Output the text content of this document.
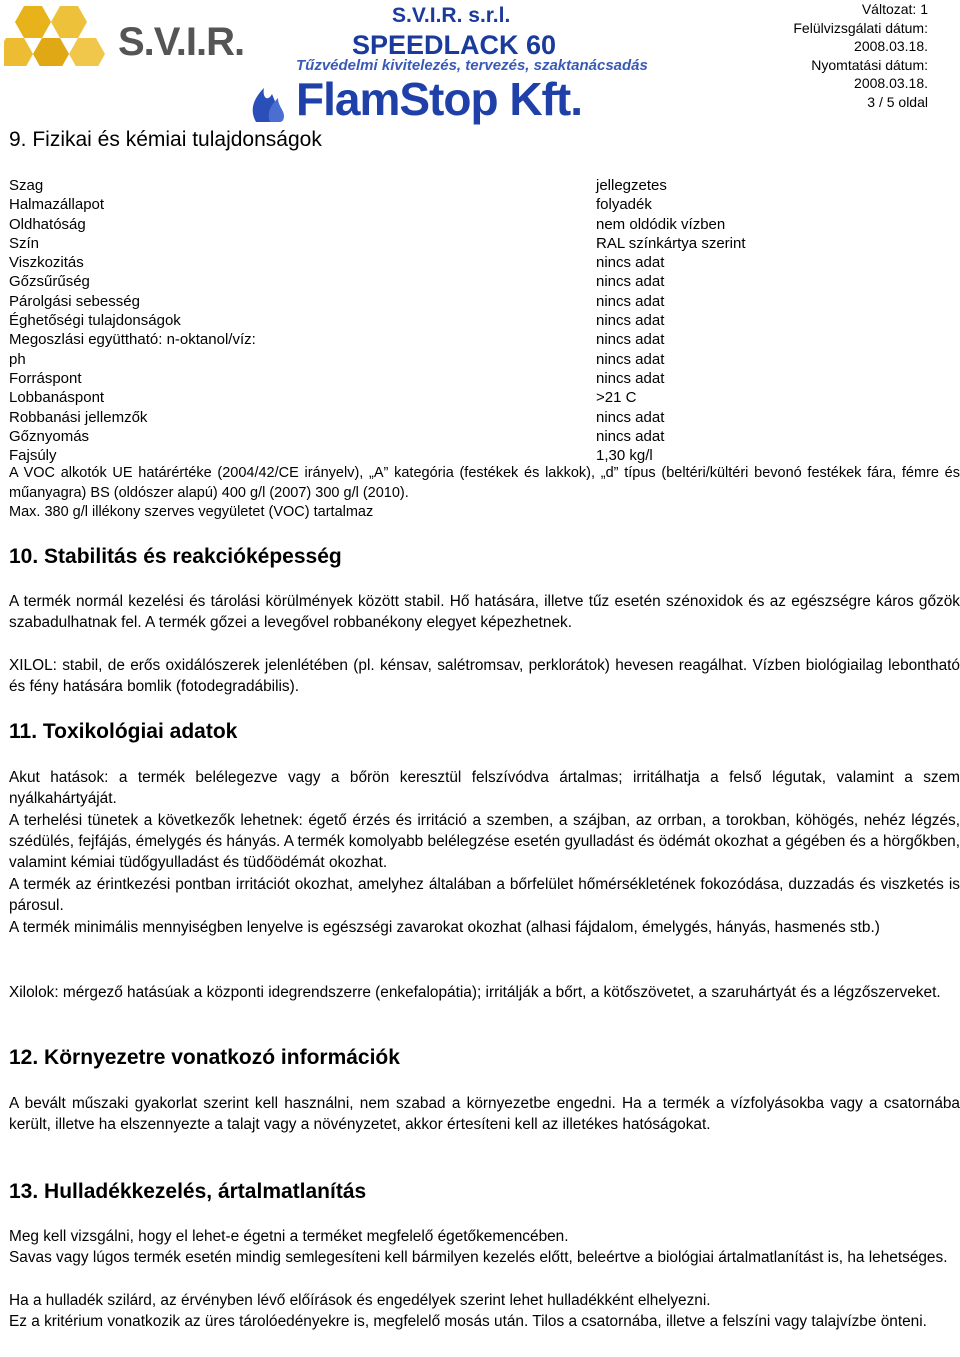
S.V.I.R.
S.V.I.R. s.r.l.
SPEEDLACK 60
Tűzvédelmi kivitelezés, tervezés, szaktanácsadás
FlamStop Kft.
Változat: 1
Felülvizsgálati dátum:
2008.03.18.
Nyomtatási dátum:
2008.03.18.
3 / 5 oldal
9. Fizikai és kémiai tulajdonságok
Szag	jellegzetes
Halmazállapot	folyadék
Oldhatóság	nem oldódik vízben
Szín	RAL színkártya szerint
Viszkozitás	nincs adat
Gőzsűrűség	nincs adat
Párolgási sebesség	nincs adat
Éghetőségi tulajdonságok	nincs adat
Megoszlási együttható: n-oktanol/víz:	nincs adat
ph	nincs adat
Forráspont	nincs adat
Lobbanáspont	>21 C
Robbanási jellemzők	nincs adat
Gőznyomás	nincs adat
Fajsúly	1,30 kg/l

A VOC alkotók UE határértéke (2004/42/CE irányelv), „A” kategória (festékek és lakkok), „d” típus (beltéri/kültéri bevonó festékek fára, fémre és műanyagra) BS (oldószer alapú) 400 g/l (2007) 300 g/l (2010).

Max. 380 g/l illékony szerves vegyületet (VOC) tartalmaz

10. Stabilitás és reakcióképesség

A termék normál kezelési és tárolási körülmények között stabil. Hő hatására, illetve tűz esetén szénoxidok és az egészségre káros gőzök szabadulhatnak fel. A termék gőzei a levegővel robbanékony elegyet képezhetnek.

XILOL: stabil, de erős oxidálószerek jelenlétében (pl. kénsav, salétromsav, perklorátok) hevesen reagálhat. Vízben biológiailag lebontható és fény hatására bomlik (fotodegradábilis).

11. Toxikológiai adatok

Akut hatások: a termék belélegezve vagy a bőrön keresztül felszívódva ártalmas; irritálhatja a felső légutak, valamint a szem nyálkahártyáját.

A terhelési tünetek a következők lehetnek: égető érzés és irritáció a szemben, a szájban, az orrban, a torokban, köhögés, nehéz légzés, szédülés, fejfájás, émelygés és hányás. A termék komolyabb belélegzése esetén gyulladást és ödémát okozhat a gégében és a hörgőkben, valamint kémiai tüdőgyulladást és tüdőödémát okozhat.

A termék az érintkezési pontban irritációt okozhat, amelyhez általában a bőrfelület hőmérsékletének fokozódása, duzzadás és viszketés is párosul.

A termék minimális mennyiségben lenyelve is egészségi zavarokat okozhat (alhasi fájdalom, émelygés, hányás, hasmenés stb.)

Xilolok: mérgező hatásúak a központi idegrendszerre (enkefalopátia); irritálják a bőrt, a kötőszövetet, a szaruhártyát és a légzőszerveket.

12. Környezetre vonatkozó információk

A bevált műszaki gyakorlat szerint kell használni, nem szabad a környezetbe engedni. Ha a termék a vízfolyásokba vagy a csatornába került, illetve ha elszennyezte a talajt vagy a növényzetet, akkor értesíteni kell az illetékes hatóságokat.

13. Hulladékkezelés, ártalmatlanítás

Meg kell vizsgálni, hogy el lehet-e égetni a terméket megfelelő égetőkemencében.

Savas vagy lúgos termék esetén mindig semlegesíteni kell bármilyen kezelés előtt, beleértve a biológiai ártalmatlanítást is, ha lehetséges.

Ha a hulladék szilárd, az érvényben lévő előírások és engedélyek szerint lehet hulladékként elhelyezni.

Ez a kritérium vonatkozik az üres tárolóedényekre is, megfelelő mosás után. Tilos a csatornába, illetve a felszíni vagy talajvízbe önteni.
